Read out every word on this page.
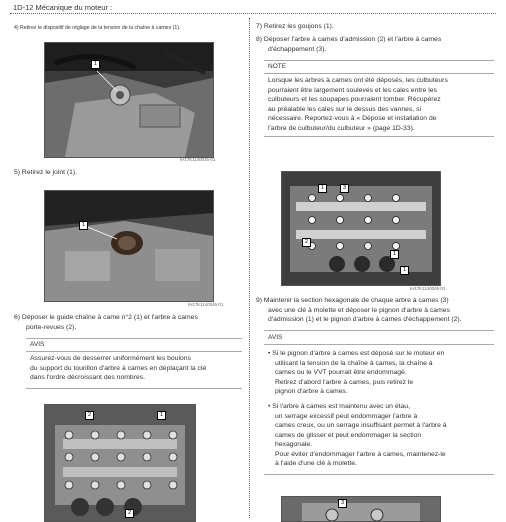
1D-12 Mécanique du moteur :
4) Retirez le dispositif de réglage de la tension de la chaîne à cames (1).
1
IH17K1140045-01
5) Retirez le joint (1).
1
IH17K1140046-01
6) Déposer le guide chaîne à came n°2 (1) et l'arbre à cames
porte-revues (2).
AVIS
Assurez-vous de desserrer uniformément les boulons
du support du tourillon d'arbre à cames en déplaçant la clé
dans l'ordre décroissant des nombres.
2	1
2
7) Retirez les goujons (1).
8) Déposer l'arbre à cames d'admission (2) et l'arbre à cames
d'échappement (3).
NOTE
Lorsque les arbres à cames ont été déposés, les culbuteurs
pourraient être largement soulevés et les cales entre les
culbuteurs et les soupapes pourraient tomber. Récupérez
au préalable les cales sur le dessus des vannes, si
nécessaire. Reportez-vous à « Dépose et installation de
l'arbre de culbuteur/du culbuteur » (page 1D-33).
1	3
2
1
1
IH17K1140048-01
9) Maintenir la section hexagonale de chaque arbre à cames (3)
avec une clé à molette et déposer le pignon d'arbre à cames
d'admission (1) et le pignon d'arbre à cames d'échappement (2).
AVIS
• Si le pignon d'arbre à cames est déposé sur le moteur en
utilisant la tension de la chaîne à cames, la chaîne à
cames ou le VVT pourrait être endommagé.
Retirez d'abord l'arbre à cames, puis retirez le
pignon d'arbre à cames.
• Si l'arbre à cames est maintenu avec un étau,
un serrage excessif peut endommager l'arbre à
cames creux, ou un serrage insuffisant permet à l'arbre à
cames de glisser et peut endommager la section
hexagonale.
Pour éviter d'endommager l'arbre à cames, maintenez-le
à l'aide d'une clé à molette.
3
